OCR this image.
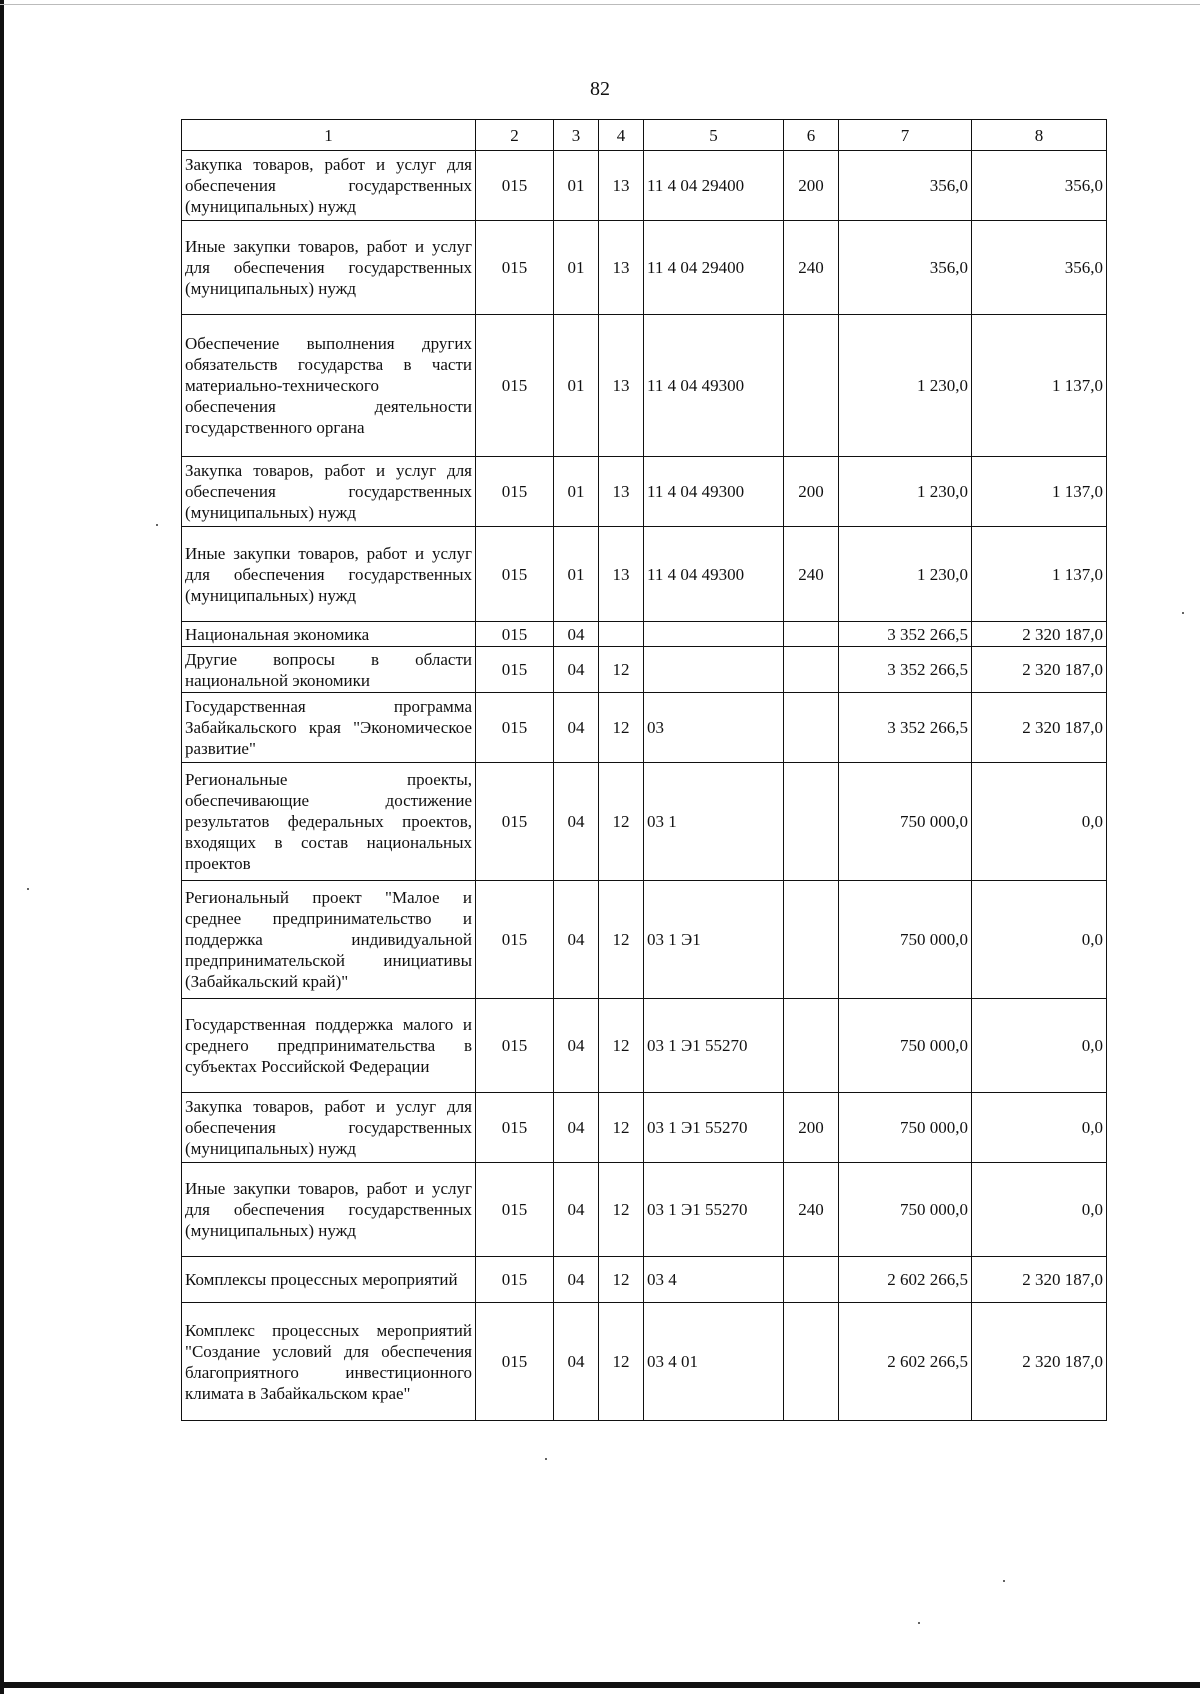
82
1	2	3	4	5	6	7	8
Закупка товаров, работ и услуг для обеспечения государственных (муниципальных) нужд	015	01	13	11 4 04 29400	200	356,0	356,0
Иные закупки товаров, работ и услуг для обеспечения государственных (муниципальных) нужд	015	01	13	11 4 04 29400	240	356,0	356,0
Обеспечение выполнения других обязательств государства в части материально-технического обеспечения деятельности государственного органа	015	01	13	11 4 04 49300		1 230,0	1 137,0
Закупка товаров, работ и услуг для обеспечения государственных (муниципальных) нужд	015	01	13	11 4 04 49300	200	1 230,0	1 137,0
Иные закупки товаров, работ и услуг для обеспечения государственных (муниципальных) нужд	015	01	13	11 4 04 49300	240	1 230,0	1 137,0
Национальная экономика	015	04				3 352 266,5	2 320 187,0
Другие вопросы в области национальной экономики	015	04	12			3 352 266,5	2 320 187,0
Государственная программа Забайкальского края "Экономическое развитие"	015	04	12	03		3 352 266,5	2 320 187,0
Региональные проекты, обеспечивающие достижение результатов федеральных проектов, входящих в состав национальных проектов	015	04	12	03 1		750 000,0	0,0
Региональный проект "Малое и среднее предпринимательство и поддержка индивидуальной предпринимательской инициативы (Забайкальский край)"	015	04	12	03 1 Э1		750 000,0	0,0
Государственная поддержка малого и среднего предпринимательства в субъектах Российской Федерации	015	04	12	03 1 Э1 55270		750 000,0	0,0
Закупка товаров, работ и услуг для обеспечения государственных (муниципальных) нужд	015	04	12	03 1 Э1 55270	200	750 000,0	0,0
Иные закупки товаров, работ и услуг для обеспечения государственных (муниципальных) нужд	015	04	12	03 1 Э1 55270	240	750 000,0	0,0
Комплексы процессных мероприятий	015	04	12	03 4		2 602 266,5	2 320 187,0
Комплекс процессных мероприятий "Создание условий для обеспечения благоприятного инвестиционного климата в Забайкальском крае"	015	04	12	03 4 01		2 602 266,5	2 320 187,0
